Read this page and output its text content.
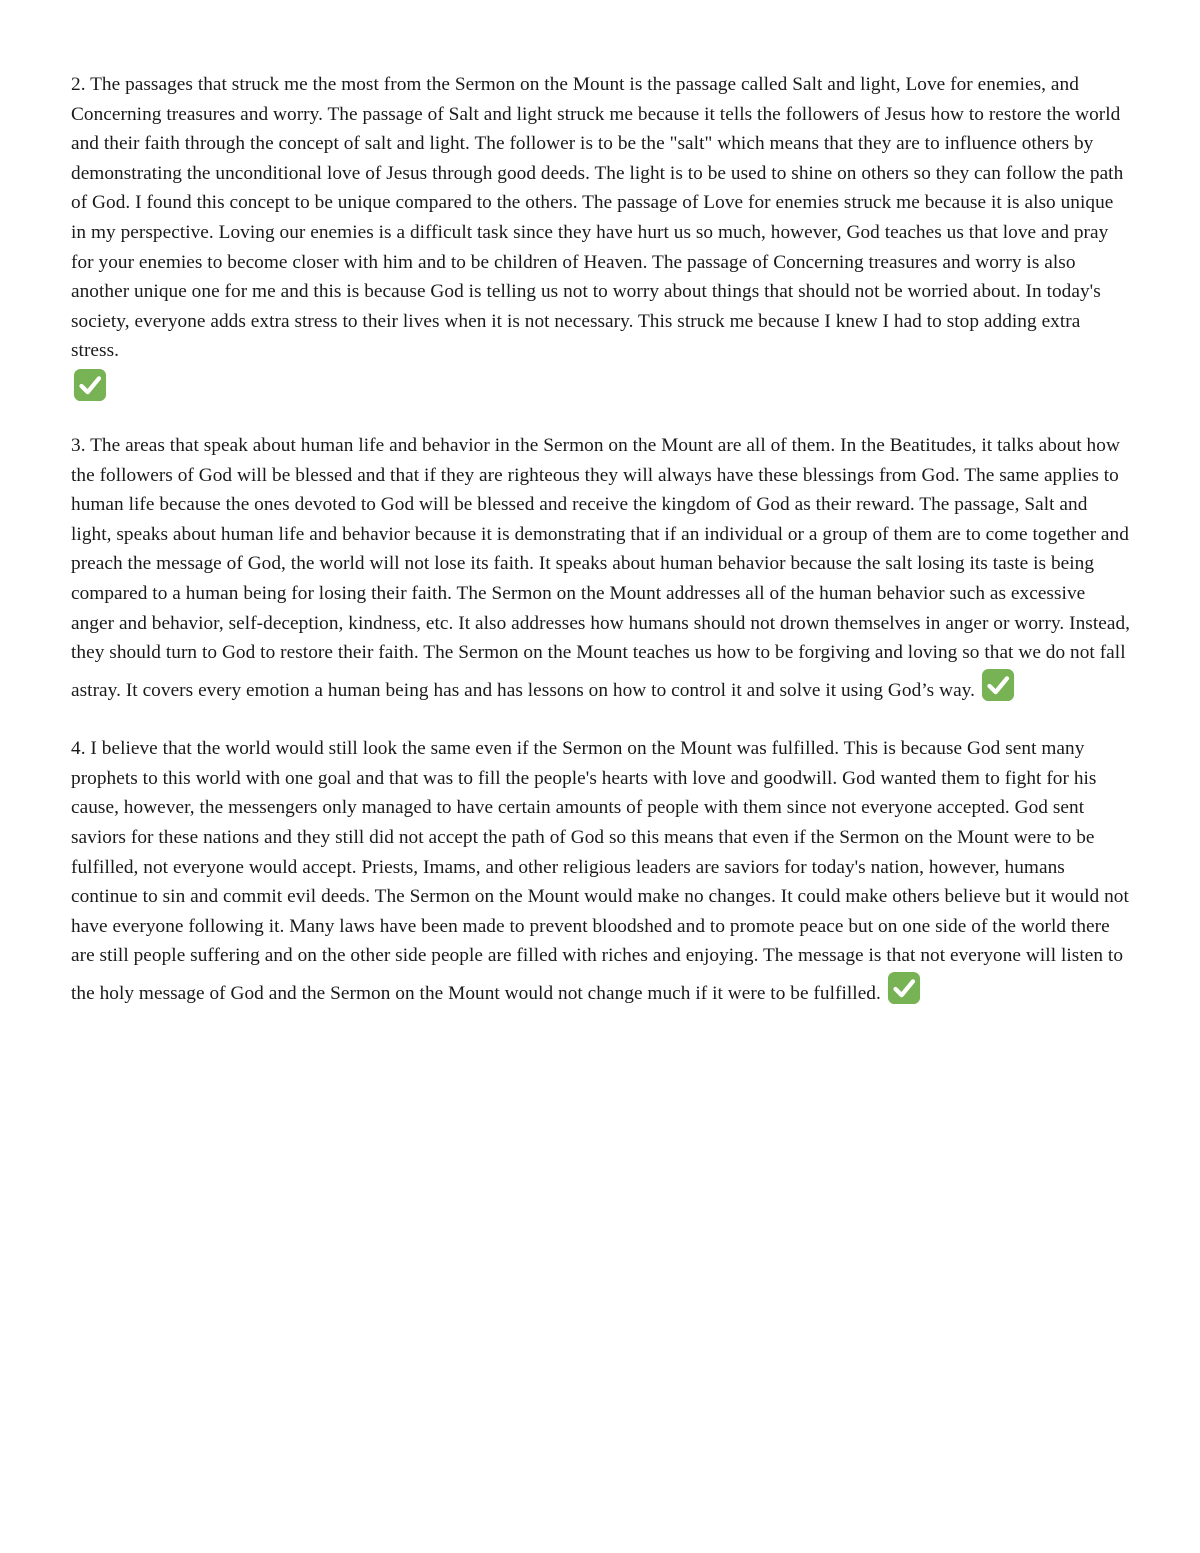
2. The passages that struck me the most from the Sermon on the Mount is the passage called Salt and light, Love for enemies, and Concerning treasures and worry. The passage of Salt and light struck me because it tells the followers of Jesus how to restore the world and their faith through the concept of salt and light. The follower is to be the "salt" which means that they are to influence others by demonstrating the unconditional love of Jesus through good deeds. The light is to be used to shine on others so they can follow the path of God. I found this concept to be unique compared to the others. The passage of Love for enemies struck me because it is also unique in my perspective. Loving our enemies is a difficult task since they have hurt us so much, however, God teaches us that love and pray for your enemies to become closer with him and to be children of Heaven. The passage of Concerning treasures and worry is also another unique one for me and this is because God is telling us not to worry about things that should not be worried about. In today's society, everyone adds extra stress to their lives when it is not necessary. This struck me because I knew I had to stop adding extra stress.

3. The areas that speak about human life and behavior in the Sermon on the Mount are all of them. In the Beatitudes, it talks about how the followers of God will be blessed and that if they are righteous they will always have these blessings from God. The same applies to human life because the ones devoted to God will be blessed and receive the kingdom of God as their reward. The passage, Salt and light, speaks about human life and behavior because it is demonstrating that if an individual or a group of them are to come together and preach the message of God, the world will not lose its faith. It speaks about human behavior because the salt losing its taste is being compared to a human being for losing their faith. The Sermon on the Mount addresses all of the human behavior such as excessive anger and behavior, self-deception, kindness, etc. It also addresses how humans should not drown themselves in anger or worry. Instead, they should turn to God to restore their faith. The Sermon on the Mount teaches us how to be forgiving and loving so that we do not fall astray. It covers every emotion a human being has and has lessons on how to control it and solve it using God’s way.

4. I believe that the world would still look the same even if the Sermon on the Mount was fulfilled. This is because God sent many prophets to this world with one goal and that was to fill the people's hearts with love and goodwill. God wanted them to fight for his cause, however, the messengers only managed to have certain amounts of people with them since not everyone accepted. God sent saviors for these nations and they still did not accept the path of God so this means that even if the Sermon on the Mount were to be fulfilled, not everyone would accept. Priests, Imams, and other religious leaders are saviors for today's nation, however, humans continue to sin and commit evil deeds. The Sermon on the Mount would make no changes. It could make others believe but it would not have everyone following it. Many laws have been made to prevent bloodshed and to promote peace but on one side of the world there are still people suffering and on the other side people are filled with riches and enjoying. The message is that not everyone will listen to the holy message of God and the Sermon on the Mount would not change much if it were to be fulfilled.
